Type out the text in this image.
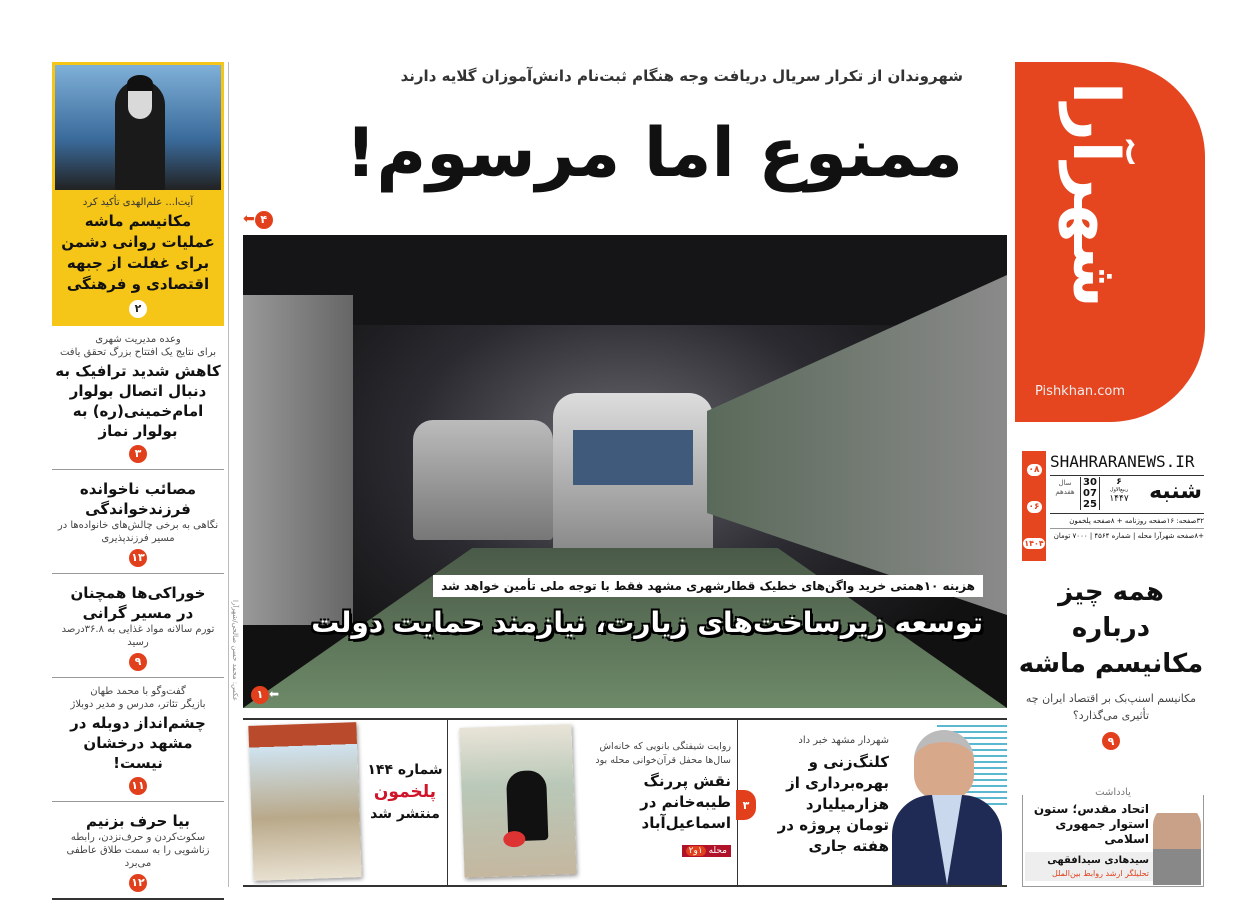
آیت‌ا... علم‌الهدی تأکید کرد
مکانیسم ماشه عملیات روانی دشمن برای غفلت از جبهه اقتصادی و فرهنگی
۲
وعده مدیریت شهری
برای نتایج یک افتتاح بزرگ تحقق یافت
کاهش شدید ترافیک به دنبال اتصال بولوار امام‌خمینی(ره) به بولوار نماز
۳
مصائب ناخوانده فرزندخواندگی
نگاهی به برخی چالش‌های خانواده‌ها در مسیر فرزندپذیری
۱۳
خوراکی‌ها همچنان در مسیر گرانی
تورم سالانه مواد غذایی به ۳۶.۸درصد رسید
۹
گفت‌وگو با محمد طهان
بازیگر تئاتر، مدرس و مدیر دوبلاژ
چشم‌انداز دوبله در مشهد درخشان نیست!
۱۱
بیا حرف بزنیم
سکوت‌کردن و حرف‌نزدن، رابطه زناشویی را به سمت طلاق عاطفی می‌برد
۱۲
عکس: محمد حسن صالحی/شهرآرا
شهروندان از تکرار سریال دریافت وجه هنگام ثبت‌نام دانش‌آموزان گلایه دارند
ممنوع اما مرسوم!
۴⬅
هزینه ۱۰همتی خرید واگن‌های خطیک قطارشهری مشهد فقط با توجه ملی تأمین خواهد شد
توسعه زیرساخت‌های زیارت، نیازمند حمایت دولت
۱ ⬅
شهردار مشهد خبر داد
کلنگ‌زنی و بهره‌برداری از هزارمیلیارد تومان پروژه در هفته جاری
۳
روایت شیفتگی بانویی که خانه‌اش سال‌ها محفل قرآن‌خوانی محله بود
نقش پررنگ طیبه‌خانم در اسماعیل‌آباد
محله ۱و۲
شماره ۱۴۴
پلخمون
منتشر شد
شهرآرا
Pishkhan.com
۰۸
۰۶
۱۴۰۴
SHAHRARANEWS.IR
سال هفدهم
30
07
25
۶
ربیع‌الاول
۱۴۴۷ شنبه
۳۲صفحه: ۱۶صفحه روزنامه + ۸صفحه پلخمون
+۸صفحه شهرآرا محله | شماره ۴۵۶۴ | ۷۰۰۰ تومان
همه چیز درباره مکانیسم ماشه
مکانیسم اسنپ‌بک بر اقتصاد ایران چه تأثیری می‌گذارد؟
۹
یادداشت
اتحاد مقدس؛ ستون استوار جمهوری اسلامی
سیدهادی سیدافقهی
تحلیلگر ارشد روابط بین‌الملل
